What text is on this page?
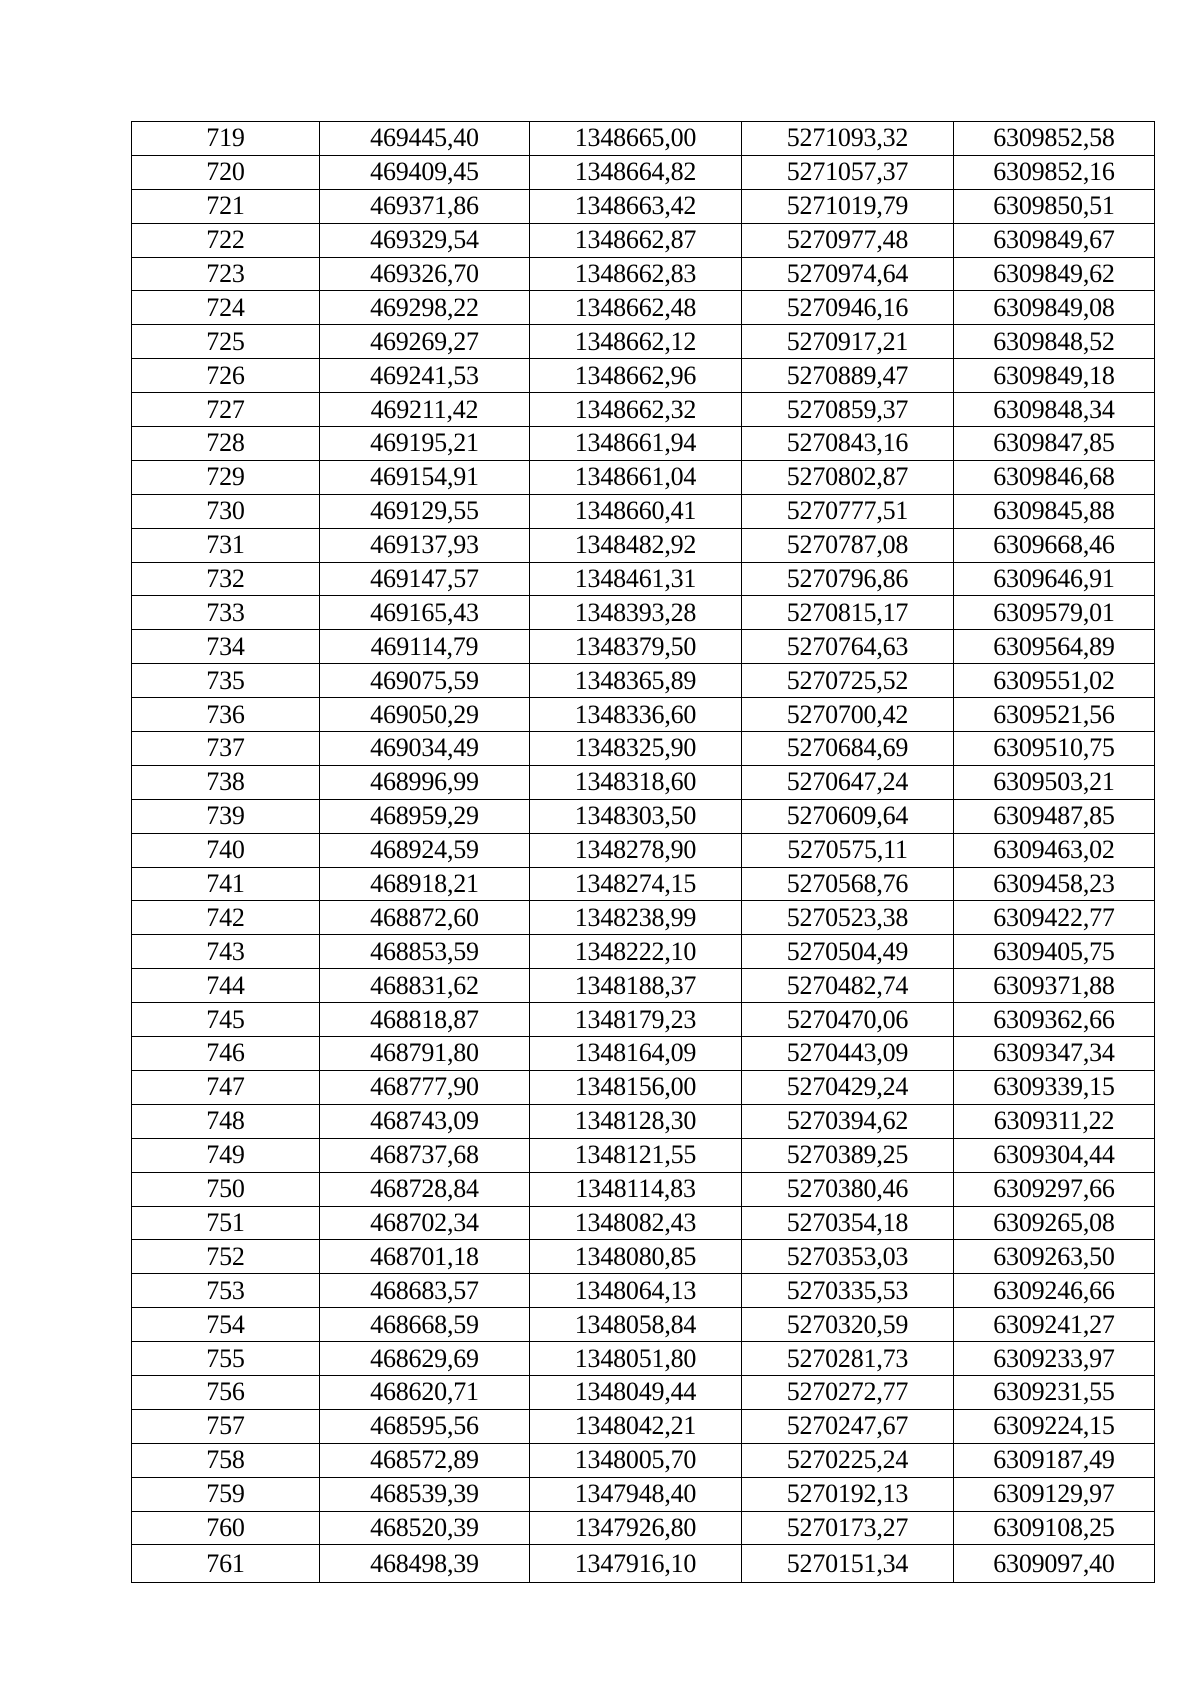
719	469445,40	1348665,00	5271093,32	6309852,58
720	469409,45	1348664,82	5271057,37	6309852,16
721	469371,86	1348663,42	5271019,79	6309850,51
722	469329,54	1348662,87	5270977,48	6309849,67
723	469326,70	1348662,83	5270974,64	6309849,62
724	469298,22	1348662,48	5270946,16	6309849,08
725	469269,27	1348662,12	5270917,21	6309848,52
726	469241,53	1348662,96	5270889,47	6309849,18
727	469211,42	1348662,32	5270859,37	6309848,34
728	469195,21	1348661,94	5270843,16	6309847,85
729	469154,91	1348661,04	5270802,87	6309846,68
730	469129,55	1348660,41	5270777,51	6309845,88
731	469137,93	1348482,92	5270787,08	6309668,46
732	469147,57	1348461,31	5270796,86	6309646,91
733	469165,43	1348393,28	5270815,17	6309579,01
734	469114,79	1348379,50	5270764,63	6309564,89
735	469075,59	1348365,89	5270725,52	6309551,02
736	469050,29	1348336,60	5270700,42	6309521,56
737	469034,49	1348325,90	5270684,69	6309510,75
738	468996,99	1348318,60	5270647,24	6309503,21
739	468959,29	1348303,50	5270609,64	6309487,85
740	468924,59	1348278,90	5270575,11	6309463,02
741	468918,21	1348274,15	5270568,76	6309458,23
742	468872,60	1348238,99	5270523,38	6309422,77
743	468853,59	1348222,10	5270504,49	6309405,75
744	468831,62	1348188,37	5270482,74	6309371,88
745	468818,87	1348179,23	5270470,06	6309362,66
746	468791,80	1348164,09	5270443,09	6309347,34
747	468777,90	1348156,00	5270429,24	6309339,15
748	468743,09	1348128,30	5270394,62	6309311,22
749	468737,68	1348121,55	5270389,25	6309304,44
750	468728,84	1348114,83	5270380,46	6309297,66
751	468702,34	1348082,43	5270354,18	6309265,08
752	468701,18	1348080,85	5270353,03	6309263,50
753	468683,57	1348064,13	5270335,53	6309246,66
754	468668,59	1348058,84	5270320,59	6309241,27
755	468629,69	1348051,80	5270281,73	6309233,97
756	468620,71	1348049,44	5270272,77	6309231,55
757	468595,56	1348042,21	5270247,67	6309224,15
758	468572,89	1348005,70	5270225,24	6309187,49
759	468539,39	1347948,40	5270192,13	6309129,97
760	468520,39	1347926,80	5270173,27	6309108,25
761	468498,39	1347916,10	5270151,34	6309097,40
